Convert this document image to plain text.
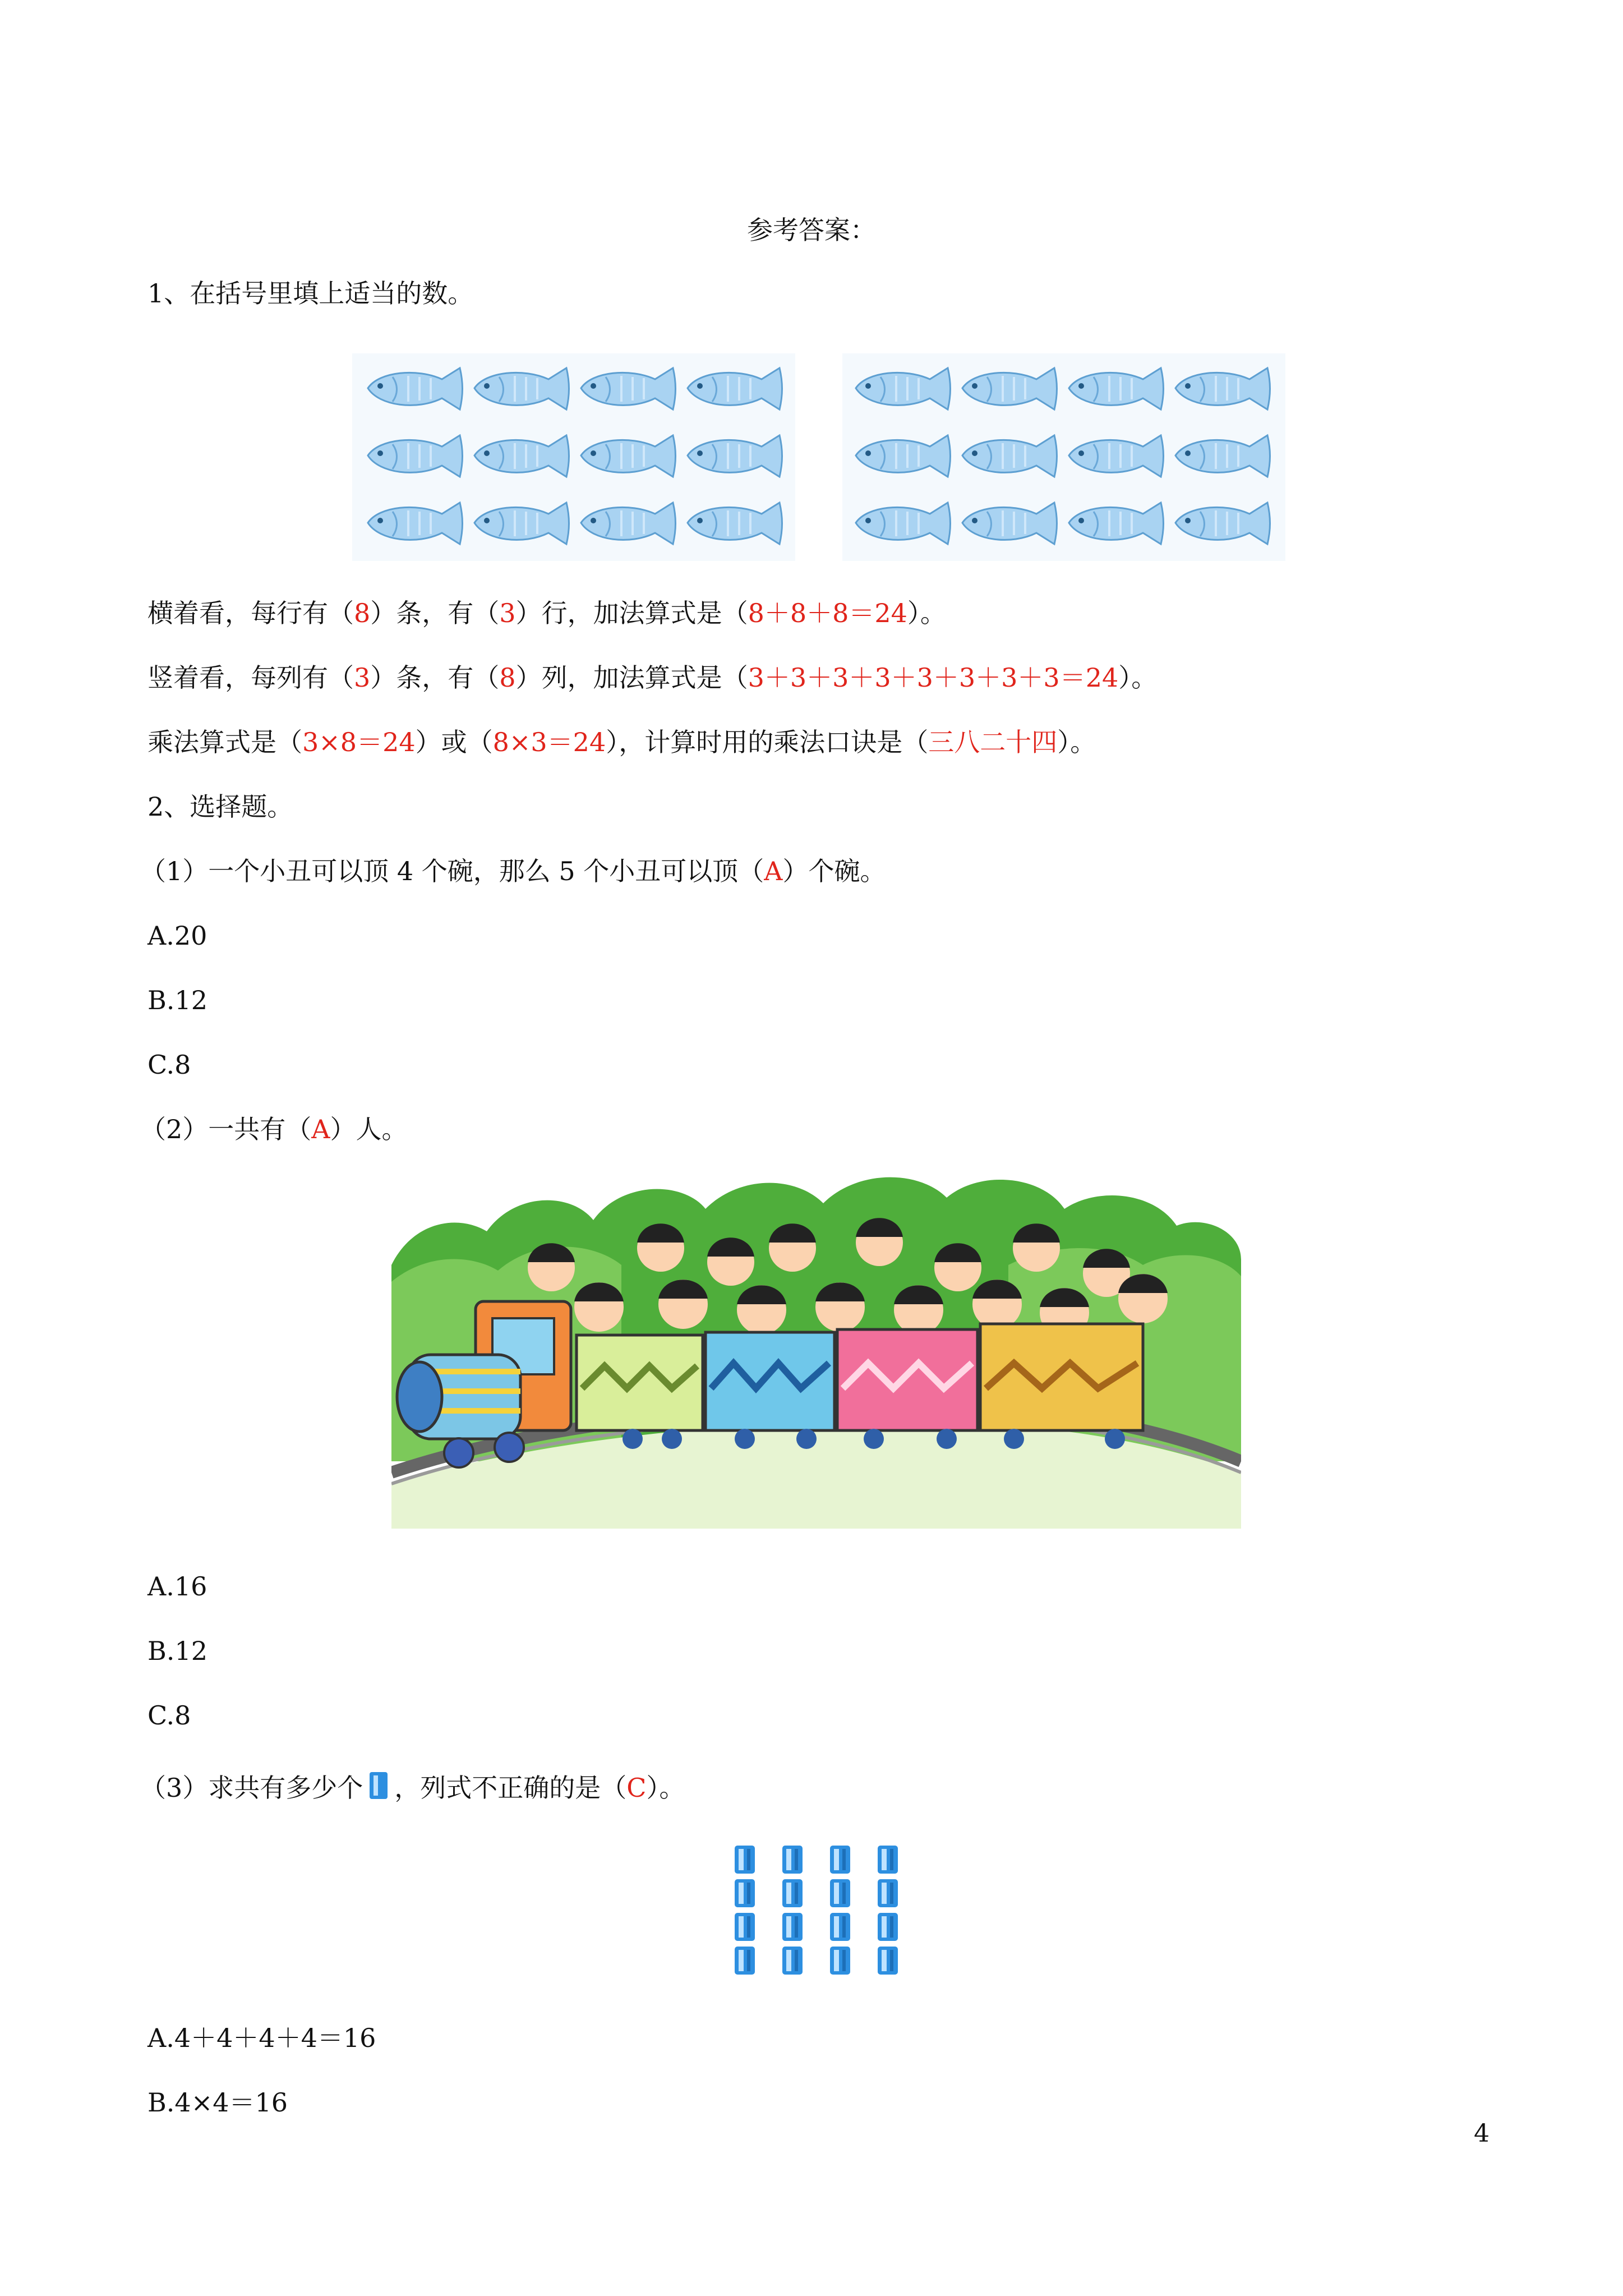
参考答案：
1、在括号里填上适当的数。
横着看，每行有（8）条，有（3）行，加法算式是（8＋8＋8＝24）。
竖着看，每列有（3）条，有（8）列，加法算式是（3＋3＋3＋3＋3＋3＋3＋3＝24）。
乘法算式是（3×8＝24）或（8×3＝24），计算时用的乘法口诀是（三八二十四）。
2、选择题。
（1）一个小丑可以顶 4 个碗，那么 5 个小丑可以顶（A）个碗。
A.20
B.12
C.8
（2）一共有（A）人。
A.16
B.12
C.8
（3）求共有多少个 ，列式不正确的是（C）。
A.4＋4＋4＋4＝16
B.4×4＝16
4
